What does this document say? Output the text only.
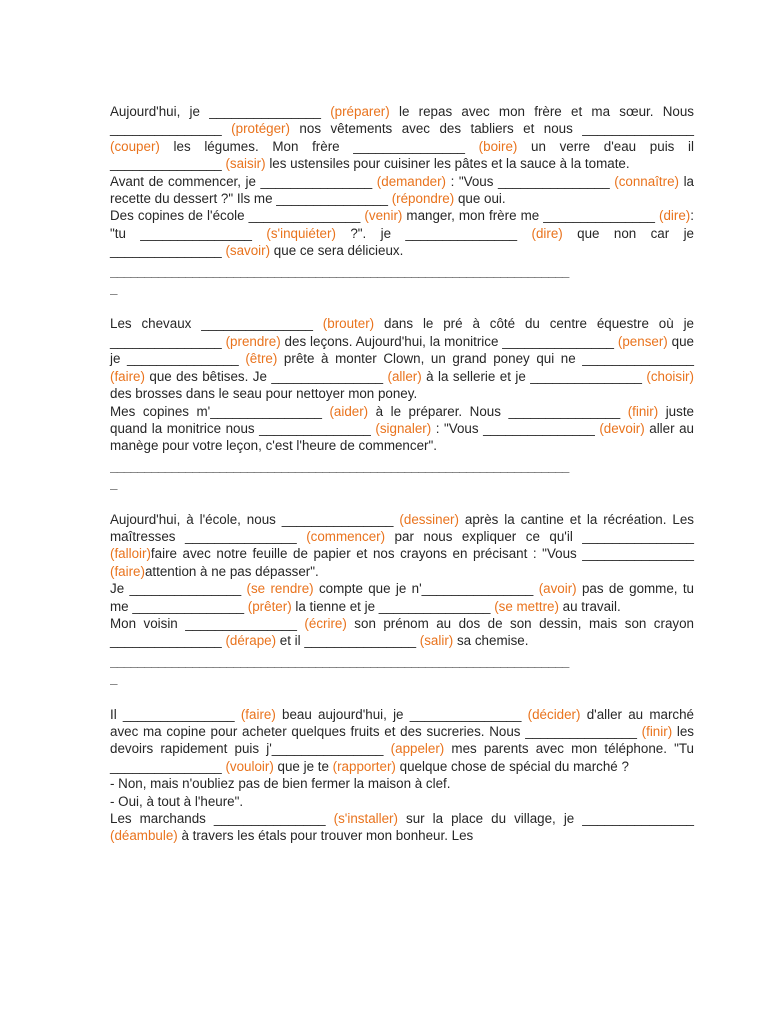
Aujourd'hui, je _______________ (préparer) le repas avec mon frère et ma sœur. Nous _______________ (protéger) nos vêtements avec des tabliers et nous _______________ (couper) les légumes. Mon frère _______________ (boire) un verre d'eau puis il _______________ (saisir) les ustensiles pour cuisiner les pâtes et la sauce à la tomate.

Avant de commencer, je _______________ (demander) : "Vous _______________ (connaître) la recette du dessert ?" Ils me _______________ (répondre) que oui.

Des copines de l'école _______________ (venir) manger, mon frère me _______________ (dire): "tu _______________ (s'inquiéter) ?". je _______________ (dire) que non car je _______________ (savoir) que ce sera délicieux.

___________________________________________________________________
_

Les chevaux _______________ (brouter) dans le pré à côté du centre équestre où je _______________ (prendre) des leçons. Aujourd'hui, la monitrice _______________ (penser) que je _______________ (être) prête à monter Clown, un grand poney qui ne _______________ (faire) que des bêtises. Je _______________ (aller) à la sellerie et je _______________ (choisir) des brosses dans le seau pour nettoyer mon poney.

Mes copines m'_______________ (aider) à le préparer. Nous _______________ (finir) juste quand la monitrice nous _______________ (signaler) : "Vous _______________ (devoir) aller au manège pour votre leçon, c'est l'heure de commencer".

___________________________________________________________________
_

Aujourd'hui, à l'école, nous _______________ (dessiner) après la cantine et la récréation. Les maîtresses _______________ (commencer) par nous expliquer ce qu'il _______________ (falloir)faire avec notre feuille de papier et nos crayons en précisant : "Vous _______________ (faire)attention à ne pas dépasser".

Je _______________ (se rendre) compte que je n'_______________ (avoir) pas de gomme, tu me _______________ (prêter) la tienne et je _______________ (se mettre) au travail.

Mon voisin _______________ (écrire) son prénom au dos de son dessin, mais son crayon _______________ (dérape) et il _______________ (salir) sa chemise.

___________________________________________________________________
_

Il _______________ (faire) beau aujourd'hui, je _______________ (décider) d'aller au marché avec ma copine pour acheter quelques fruits et des sucreries. Nous _______________ (finir) les devoirs rapidement puis j'_______________ (appeler) mes parents avec mon téléphone. "Tu _______________ (vouloir) que je te (rapporter) quelque chose de spécial du marché ?

- Non, mais n'oubliez pas de bien fermer la maison à clef.

- Oui, à tout à l'heure".

Les marchands _______________ (s'installer) sur la place du village, je _______________ (déambule) à travers les étals pour trouver mon bonheur. Les
